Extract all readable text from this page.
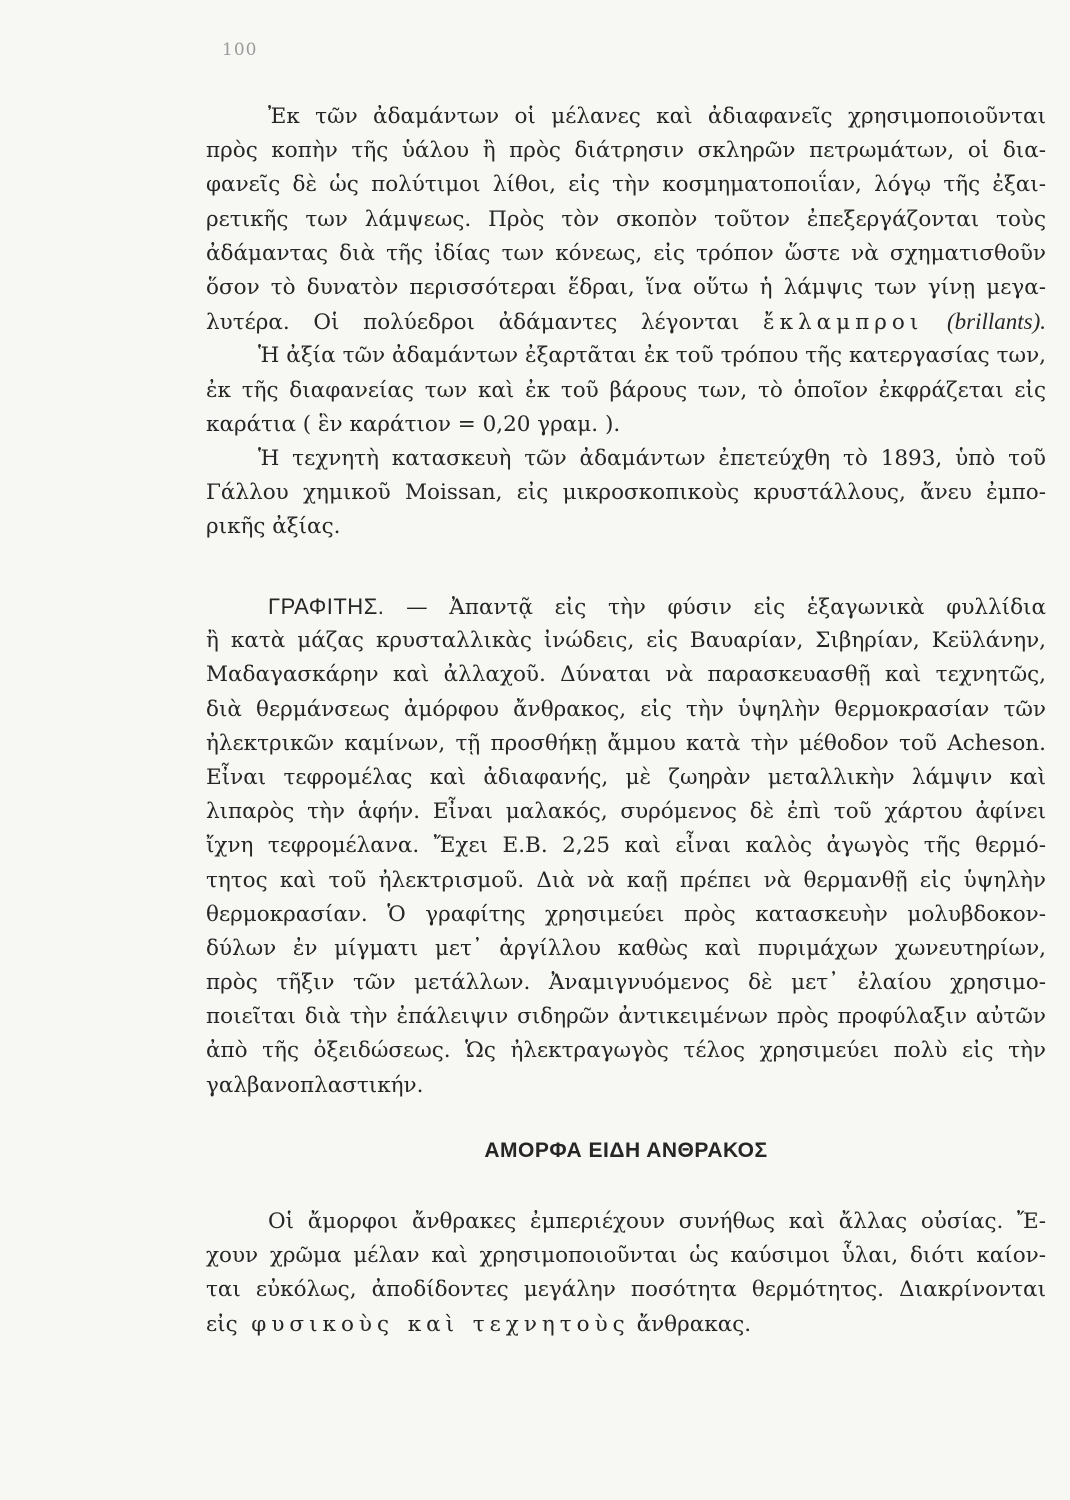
100
Ἐκ τῶν ἀδαμάντων οἱ μέλανες καὶ ἀδιαφανεῖς χρησιμοποιοῦνται
πρὸς κοπὴν τῆς ὑάλου ἢ πρὸς διάτρησιν σκληρῶν πετρωμάτων, οἱ δια-
φανεῖς δὲ ὡς πολύτιμοι λίθοι, εἰς τὴν κοσμηματοποιΐαν, λόγῳ τῆς ἐξαι-
ρετικῆς των λάμψεως. Πρὸς τὸν σκοπὸν τοῦτον ἐπεξεργάζονται τοὺς
ἀδάμαντας διὰ τῆς ἰδίας των κόνεως, εἰς τρόπον ὥστε νὰ σχηματισθοῦν
ὅσον τὸ δυνατὸν περισσότεραι ἕδραι, ἵνα οὕτω ἡ λάμψις των γίνῃ μεγα-
λυτέρα. Οἱ πολύεδροι ἀδάμαντες λέγονται ἔκλαμπροι (brillants).
Ἡ ἀξία τῶν ἀδαμάντων ἐξαρτᾶται ἐκ τοῦ τρόπου τῆς κατεργασίας των,
ἐκ τῆς διαφανείας των καὶ ἐκ τοῦ βάρους των, τὸ ὁποῖον ἐκφράζεται εἰς
καράτια ( ἓν καράτιον = 0,20 γραμ. ).
Ἡ τεχνητὴ κατασκευὴ τῶν ἀδαμάντων ἐπετεύχθη τὸ 1893, ὑπὸ τοῦ
Γάλλου χημικοῦ Moissan, εἰς μικροσκοπικοὺς κρυστάλλους, ἄνευ ἐμπο-
ρικῆς ἀξίας.
ΓΡΑΦΙΤΗΣ. — Ἀπαντᾷ εἰς τὴν φύσιν εἰς ἑξαγωνικὰ φυλλίδια
ἢ κατὰ μάζας κρυσταλλικὰς ἰνώδεις, εἰς Βαυαρίαν, Σιβηρίαν, Κεϋλάνην,
Μαδαγασκάρην καὶ ἀλλαχοῦ. Δύναται νὰ παρασκευασθῇ καὶ τεχνητῶς,
διὰ θερμάνσεως ἀμόρφου ἄνθρακος, εἰς τὴν ὑψηλὴν θερμοκρασίαν τῶν
ἠλεκτρικῶν καμίνων, τῇ προσθήκῃ ἄμμου κατὰ τὴν μέθοδον τοῦ Acheson.
Εἶναι τεφρομέλας καὶ ἀδιαφανής, μὲ ζωηρὰν μεταλλικὴν λάμψιν καὶ
λιπαρὸς τὴν ἁφήν. Εἶναι μαλακός, συρόμενος δὲ ἐπὶ τοῦ χάρτου ἀφίνει
ἴχνη τεφρομέλανα. Ἔχει Ε.Β. 2,25 καὶ εἶναι καλὸς ἀγωγὸς τῆς θερμό-
τητος καὶ τοῦ ἠλεκτρισμοῦ. Διὰ νὰ καῇ πρέπει νὰ θερμανθῇ εἰς ὑψηλὴν
θερμοκρασίαν. Ὁ γραφίτης χρησιμεύει πρὸς κατασκευὴν μολυβδοκον-
δύλων ἐν μίγματι μετ᾿ ἀργίλλου καθὼς καὶ πυριμάχων χωνευτηρίων,
πρὸς τῆξιν τῶν μετάλλων. Ἀναμιγνυόμενος δὲ μετ᾿ ἐλαίου χρησιμο-
ποιεῖται διὰ τὴν ἐπάλειψιν σιδηρῶν ἀντικειμένων πρὸς προφύλαξιν αὐτῶν
ἀπὸ τῆς ὀξειδώσεως. Ὡς ἠλεκτραγωγὸς τέλος χρησιμεύει πολὺ εἰς τὴν
γαλβανοπλαστικήν.
ΑΜΟΡΦΑ ΕΙΔΗ ΑΝΘΡΑΚΟΣ
Οἱ ἄμορφοι ἄνθρακες ἐμπεριέχουν συνήθως καὶ ἄλλας οὐσίας. Ἔ-
χουν χρῶμα μέλαν καὶ χρησιμοποιοῦνται ὡς καύσιμοι ὗλαι, διότι καίον-
ται εὐκόλως, ἀποδίδοντες μεγάλην ποσότητα θερμότητος. Διακρίνονται
εἰς φυσικοὺς καὶ τεχνητοὺς ἄνθρακας.
